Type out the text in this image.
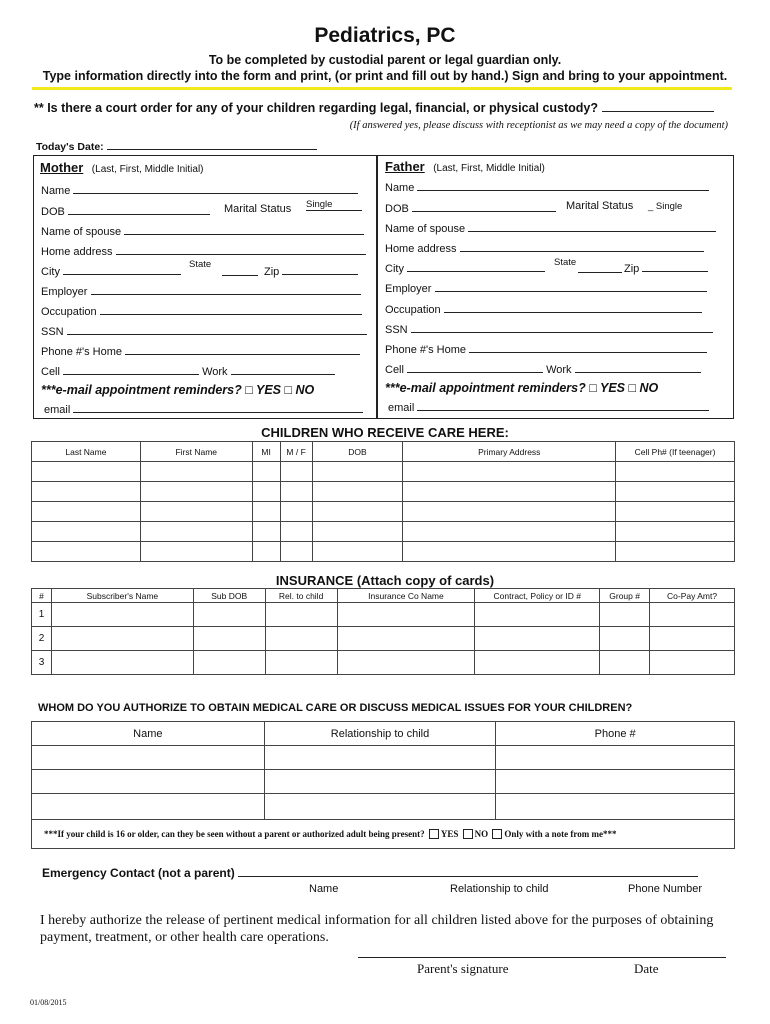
Pediatrics, PC
To be completed by custodial parent or legal guardian only.
Type information directly into the form and print, (or print and fill out by hand.) Sign and bring to your appointment.
** Is there a court order for any of your children regarding legal, financial, or physical custody?
(If answered yes, please discuss with receptionist as we may need a copy of the document)
Today's Date:
Mother (Last, First, Middle Initial)
Name
DOB	Marital Status Single
Name of spouse
Home address
City
State
Zip
Employer
Occupation
SSN
Phone #'s Home
Cell	Work
***e-mail appointment reminders? □ YES □ NO
email
Father (Last, First, Middle Initial)
Name
DOB	Marital Status _ Single
Name of spouse
Home address
City
State
Zip
Employer
Occupation
SSN
Phone #'s Home
Cell	Work
***e-mail appointment reminders? □ YES □ NO
email
CHILDREN WHO RECEIVE CARE HERE:
Last Name	First Name	MI	M / F	DOB	Primary Address	Cell Ph# (If teenager)

INSURANCE (Attach copy of cards)
#	Subscriber's Name	Sub DOB	Rel. to child	Insurance Co Name	Contract, Policy or ID #	Group #	Co-Pay Amt?
1							
2							
3							
WHOM DO YOU AUTHORIZE TO OBTAIN MEDICAL CARE OR DISCUSS MEDICAL ISSUES FOR YOUR CHILDREN?
Name	Relationship to child	Phone #

***If your child is 16 or older, can they be seen without a parent or authorized adult being present? YES NO Only with a note from me***		
Emergency Contact (not a parent)
Name	Relationship to child	Phone Number
I hereby authorize the release of pertinent medical information for all children listed above for the purposes of obtaining payment, treatment, or other health care operations.
Parent's signature	Date
01/08/2015
